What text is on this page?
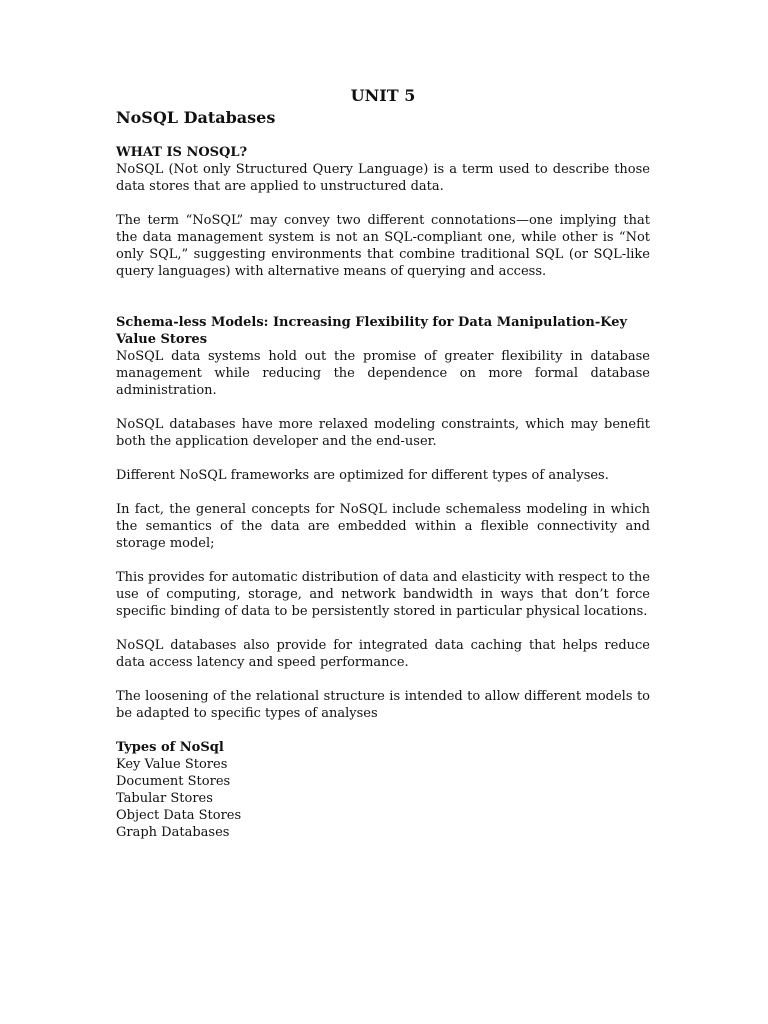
UNIT 5
NoSQL Databases
WHAT IS NOSQL?

NoSQL (Not only Structured Query Language) is a term used to describe those data stores that are applied to unstructured data.

The term “NoSQL” may convey two different connotations—one implying that the data management system is not an SQL-compliant one, while other is “Not only SQL,” suggesting environments that combine traditional SQL (or SQL-like query languages) with alternative means of querying and access.

Schema-less Models: Increasing Flexibility for Data Manipulation-Key Value Stores

NoSQL data systems hold out the promise of greater flexibility in database management while reducing the dependence on more formal database administration.

NoSQL databases have more relaxed modeling constraints, which may benefit both the application developer and the end-user.

Different NoSQL frameworks are optimized for different types of analyses.

In fact, the general concepts for NoSQL include schemaless modeling in which the semantics of the data are embedded within a flexible connectivity and storage model;

This provides for automatic distribution of data and elasticity with respect to the use of computing, storage, and network bandwidth in ways that don’t force specific binding of data to be persistently stored in particular physical locations.

NoSQL databases also provide for integrated data caching that helps reduce data access latency and speed performance.

The loosening of the relational structure is intended to allow different models to be adapted to specific types of analyses

Types of NoSql
Key Value Stores
Document Stores
Tabular Stores
Object Data Stores
Graph Databases
